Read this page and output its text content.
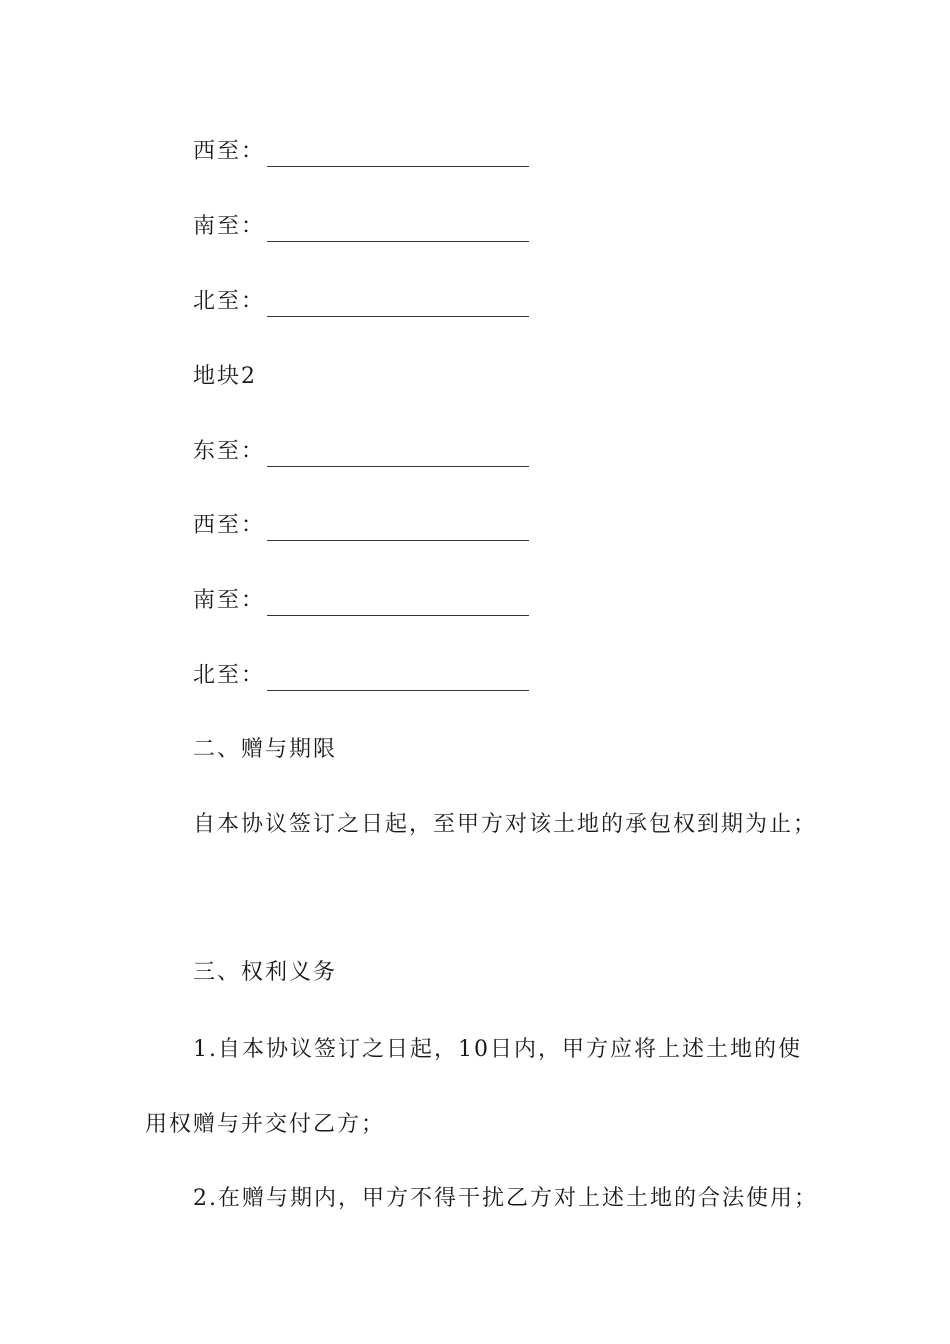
西至：
南至：
北至：
地块2
东至：
西至：
南至：
北至：
二、赠与期限
自本协议签订之日起，至甲方对该土地的承包权到期为止；
三、权利义务
1.自本协议签订之日起，10日内，甲方应将上述土地的使
用权赠与并交付乙方；
2.在赠与期内，甲方不得干扰乙方对上述土地的合法使用；
